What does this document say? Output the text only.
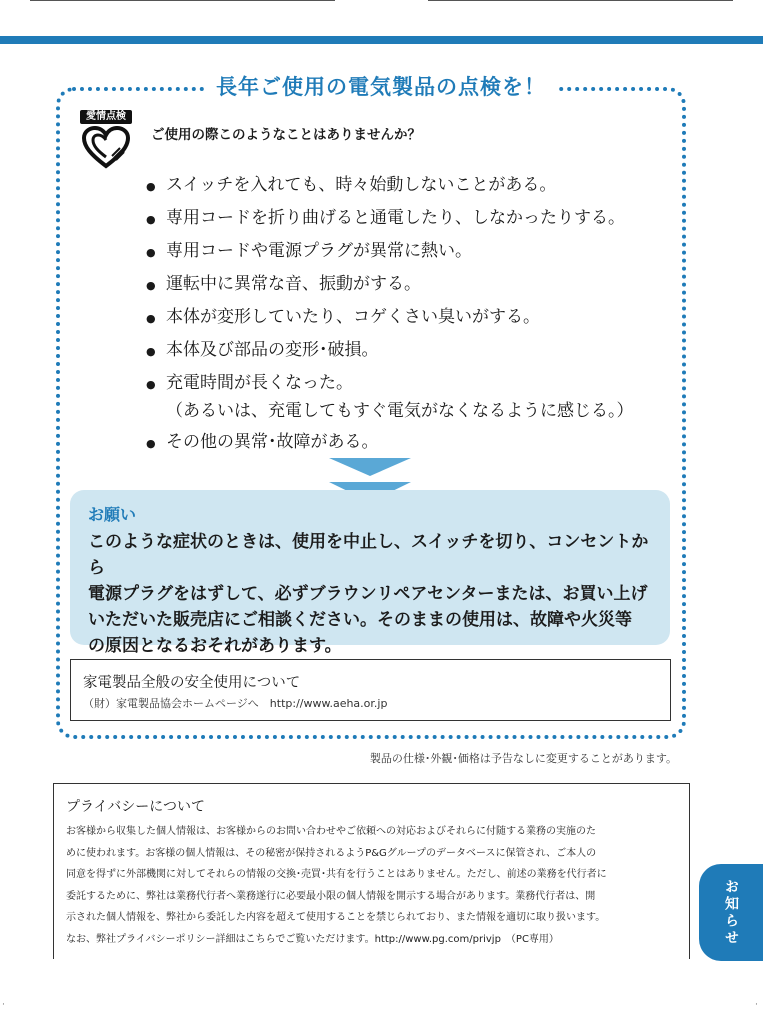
長年ご使用の電気製品の点検を！
愛情点検
ご使用の際このようなことはありませんか？
● スイッチを入れても、時々始動しないことがある。
● 専用コードを折り曲げると通電したり、しなかったりする。
● 専用コードや電源プラグが異常に熱い。
● 運転中に異常な音、振動がする。
● 本体が変形していたり、コゲくさい臭いがする。
● 本体及び部品の変形･破損。
● 充電時間が長くなった。
（あるいは、充電してもすぐ電気がなくなるように感じる。）
● その他の異常･故障がある。
お願い
このような症状のときは、使用を中止し、スイッチを切り、コンセントから
電源プラグをはずして、必ずブラウンリペアセンターまたは、お買い上げ
いただいた販売店にご相談ください。そのままの使用は、故障や火災等
の原因となるおそれがあります。
家電製品全般の安全使用について
（財）家電製品協会ホームページへ　http://www.aeha.or.jp
製品の仕様･外観･価格は予告なしに変更することがあります。
プライバシーについて
お客様から収集した個人情報は、お客様からのお問い合わせやご依頼への対応およびそれらに付随する業務の実施のた
めに使われます。お客様の個人情報は、その秘密が保持されるようP&Gグループのデータベースに保管され、ご本人の
同意を得ずに外部機関に対してそれらの情報の交換･売買･共有を行うことはありません。ただし、前述の業務を代行者に
委託するために、弊社は業務代行者へ業務遂行に必要最小限の個人情報を開示する場合があります。業務代行者は、開
示された個人情報を、弊社から委託した内容を超えて使用することを禁じられており、また情報を適切に取り扱います。
なお、弊社プライバシーポリシー詳細はこちらでご覧いただけます。http://www.pg.com/privjp　（PC専用）	お知らせ
·	·
